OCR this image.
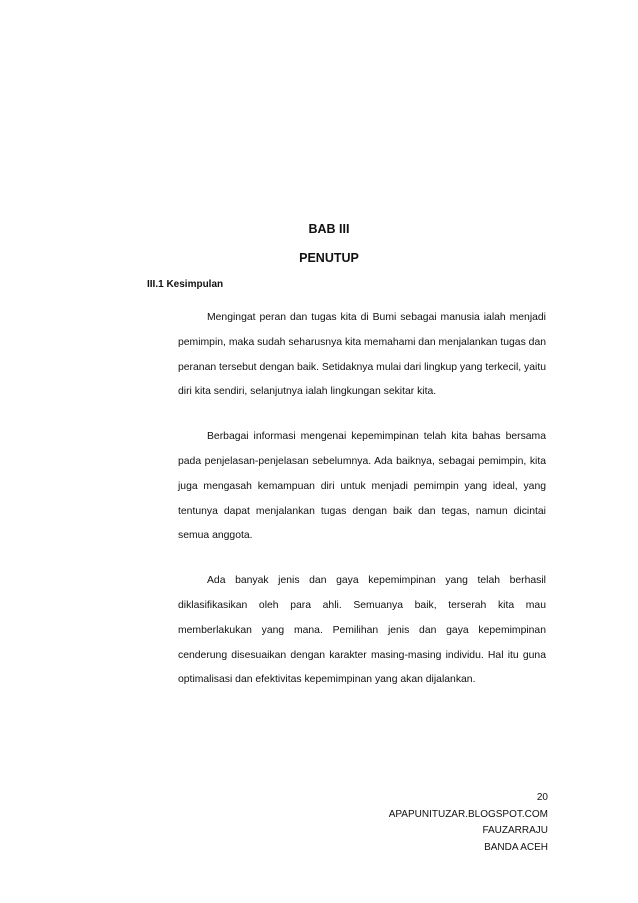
BAB III
PENUTUP
III.1 Kesimpulan

Mengingat peran dan tugas kita di Bumi sebagai manusia ialah menjadi pemimpin, maka sudah seharusnya kita memahami dan menjalankan tugas dan peranan tersebut dengan baik. Setidaknya mulai dari lingkup yang terkecil, yaitu diri kita sendiri, selanjutnya ialah lingkungan sekitar kita.

Berbagai informasi mengenai kepemimpinan telah kita bahas bersama pada penjelasan-penjelasan sebelumnya. Ada baiknya, sebagai pemimpin, kita juga mengasah kemampuan diri untuk menjadi pemimpin yang ideal, yang tentunya dapat menjalankan tugas dengan baik dan tegas, namun dicintai semua anggota.

Ada banyak jenis dan gaya kepemimpinan yang telah berhasil diklasifikasikan oleh para ahli. Semuanya baik, terserah kita mau memberlakukan yang mana. Pemilihan jenis dan gaya kepemimpinan cenderung disesuaikan dengan karakter masing-masing individu. Hal itu guna optimalisasi dan efektivitas kepemimpinan yang akan dijalankan.

20
APAPUNITUZAR.BLOGSPOT.COM
FAUZARRAJU
BANDA ACEH
